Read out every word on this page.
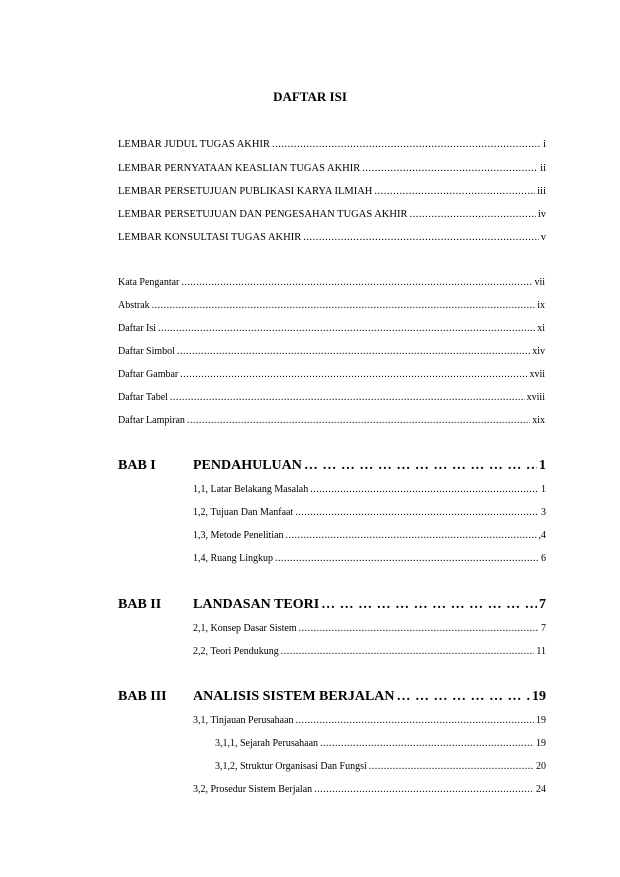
DAFTAR ISI
LEMBAR JUDUL TUGAS AKHIR .....	i
LEMBAR PERNYATAAN KEASLIAN TUGAS AKHIR .....	ii
LEMBAR PERSETUJUAN PUBLIKASI KARYA ILMIAH .....	iii
LEMBAR PERSETUJUAN DAN PENGESAHAN TUGAS AKHIR .....	iv
LEMBAR KONSULTASI TUGAS AKHIR .....	v
Kata Pengantar .....	vii
Abstrak .....	ix
Daftar Isi .....	xi
Daftar Simbol .....	xiv
Daftar Gambar .....	xvii
Daftar Tabel .....	xviii
Daftar Lampiran .....	xix
BAB I	PENDAHULUAN … … … … … … … … … … … … … … … … … … … … … … … … … … … … … … … … … … … … … … … …	1
1,1, Latar Belakang Masalah .....	1
1,2, Tujuan Dan Manfaat .....	3
1,3, Metode Penelitian .....	,4
1,4, Ruang Lingkup .....	6
BAB II LANDASAN TEORI … … … … … … … … … … … … … … … … … … … … … … … … … … … … … … … … … … … … … … … …	7
2,1, Konsep Dasar Sistem .....	7
2,2, Teori Pendukung .....	11
BAB III ANALISIS SISTEM BERJALAN … … … … … … … … … … … … … … … … … … … … … … … … … … … … … … … … … … … … … … … …	19
3,1, Tinjauan Perusahaan .....	19
3,1,1, Sejarah Perusahaan .....	19
3,1,2, Struktur Organisasi Dan Fungsi .....	20
3,2, Prosedur Sistem Berjalan .....	24
